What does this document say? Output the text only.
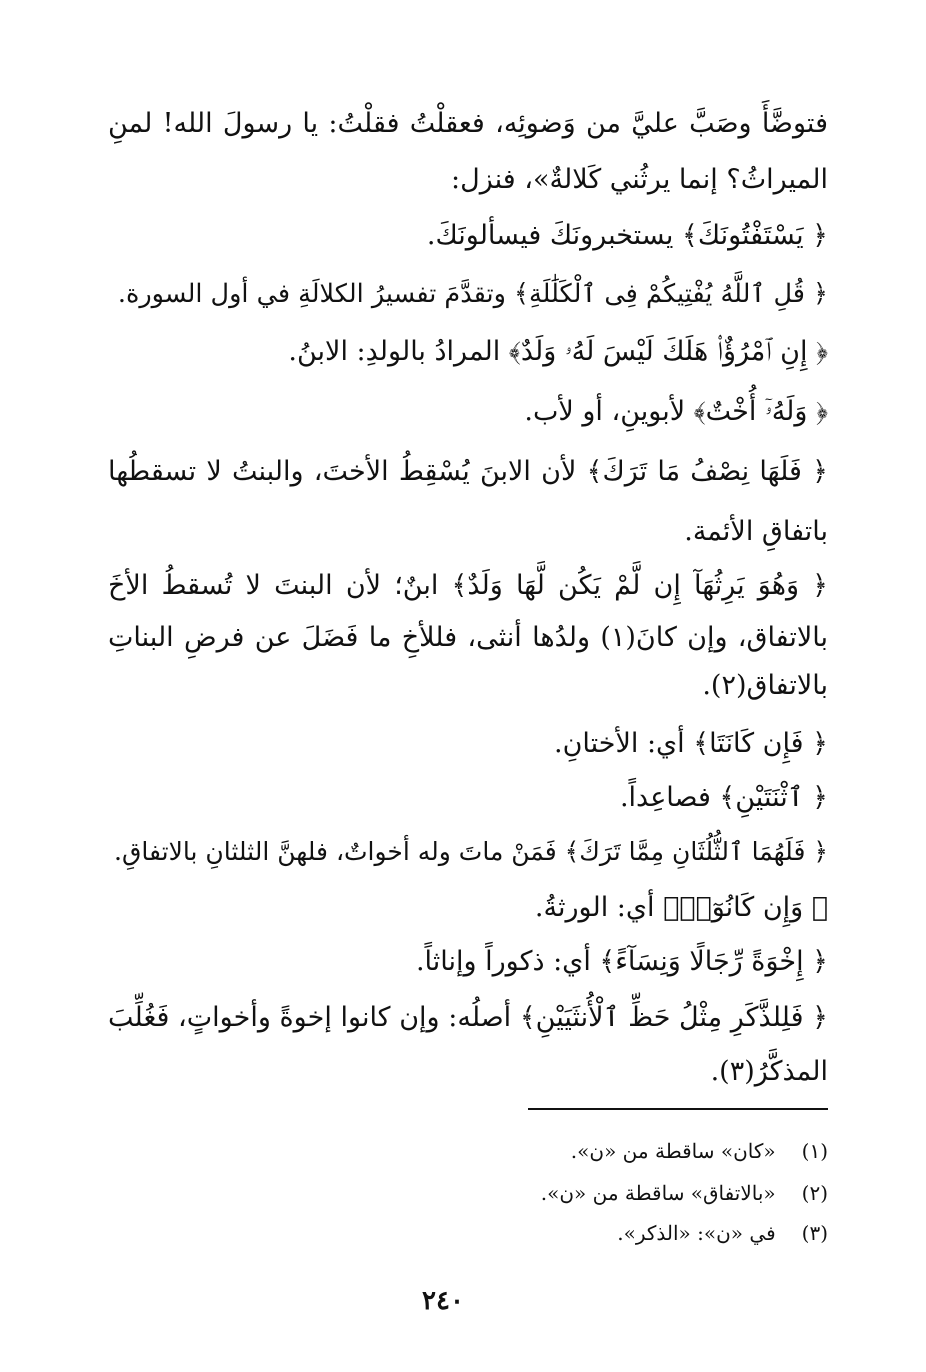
فتوضَّأَ وصَبَّ عليَّ من وَضوئِه، فعقلْتُ فقلْتُ: يا رسولَ الله! لمنِ
الميراثُ؟ إنما يرثُني كَلالةٌ»، فنزل:
﴿ يَسْتَفْتُونَكَ﴾ يستخبرونَكَ فيسألونَكَ.
﴿ قُلِ ٱللَّهُ يُفْتِيكُمْ فِى ٱلْكَلَٰلَةِ﴾ وتقدَّمَ تفسيرُ الكلالَةِ في أول السورة.
﴿ إِنِ ٱمْرُؤٌا۟ هَلَكَ لَيْسَ لَهُۥ وَلَدٌ﴾ المرادُ بالولدِ: الابنُ.
﴿ وَلَهُۥٓ أُخْتٌ﴾ لأبوينِ، أو لأب.
﴿ فَلَهَا نِصْفُ مَا تَرَكَ﴾ لأن الابنَ يُسْقِطُ الأختَ، والبنتُ لا تسقطُها
باتفاقِ الأئمة.
﴿ وَهُوَ يَرِثُهَآ إِن لَّمْ يَكُن لَّهَا وَلَدٌ﴾ ابنٌ؛ لأن البنتَ لا تُسقطُ الأخَ
بالاتفاق، وإن كانَ(١) ولدُها أنثى، فللأخِ ما فَضَلَ عن فرضِ البناتِ
بالاتفاق(٢).
﴿ فَإِن كَانَتَا﴾ أي: الأختانِ.
﴿ ٱثْنَتَيْنِ﴾ فصاعِداً.
﴿ فَلَهُمَا ٱلثُّلُثَانِ مِمَّا تَرَكَ﴾ فَمَنْ ماتَ وله أخواتٌ، فلهنَّ الثلثانِ بالاتفاقِ.
﴿ وَإِن كَانُوٓا۟﴾ أي: الورثةُ.
﴿ إِخْوَةً رِّجَالًا وَنِسَآءً﴾ أي: ذكوراً وإناثاً.
﴿ فَلِلذَّكَرِ مِثْلُ حَظِّ ٱلْأُنثَيَيْنِ﴾ أصلُه: وإن كانوا إخوةً وأخواتٍ، فَغُلِّبَ
المذكَّرُ(٣).
(١) «كان» ساقطة من «ن».
(٢) «بالاتفاق» ساقطة من «ن».
(٣) في «ن»: «الذكر».
٢٤٠
